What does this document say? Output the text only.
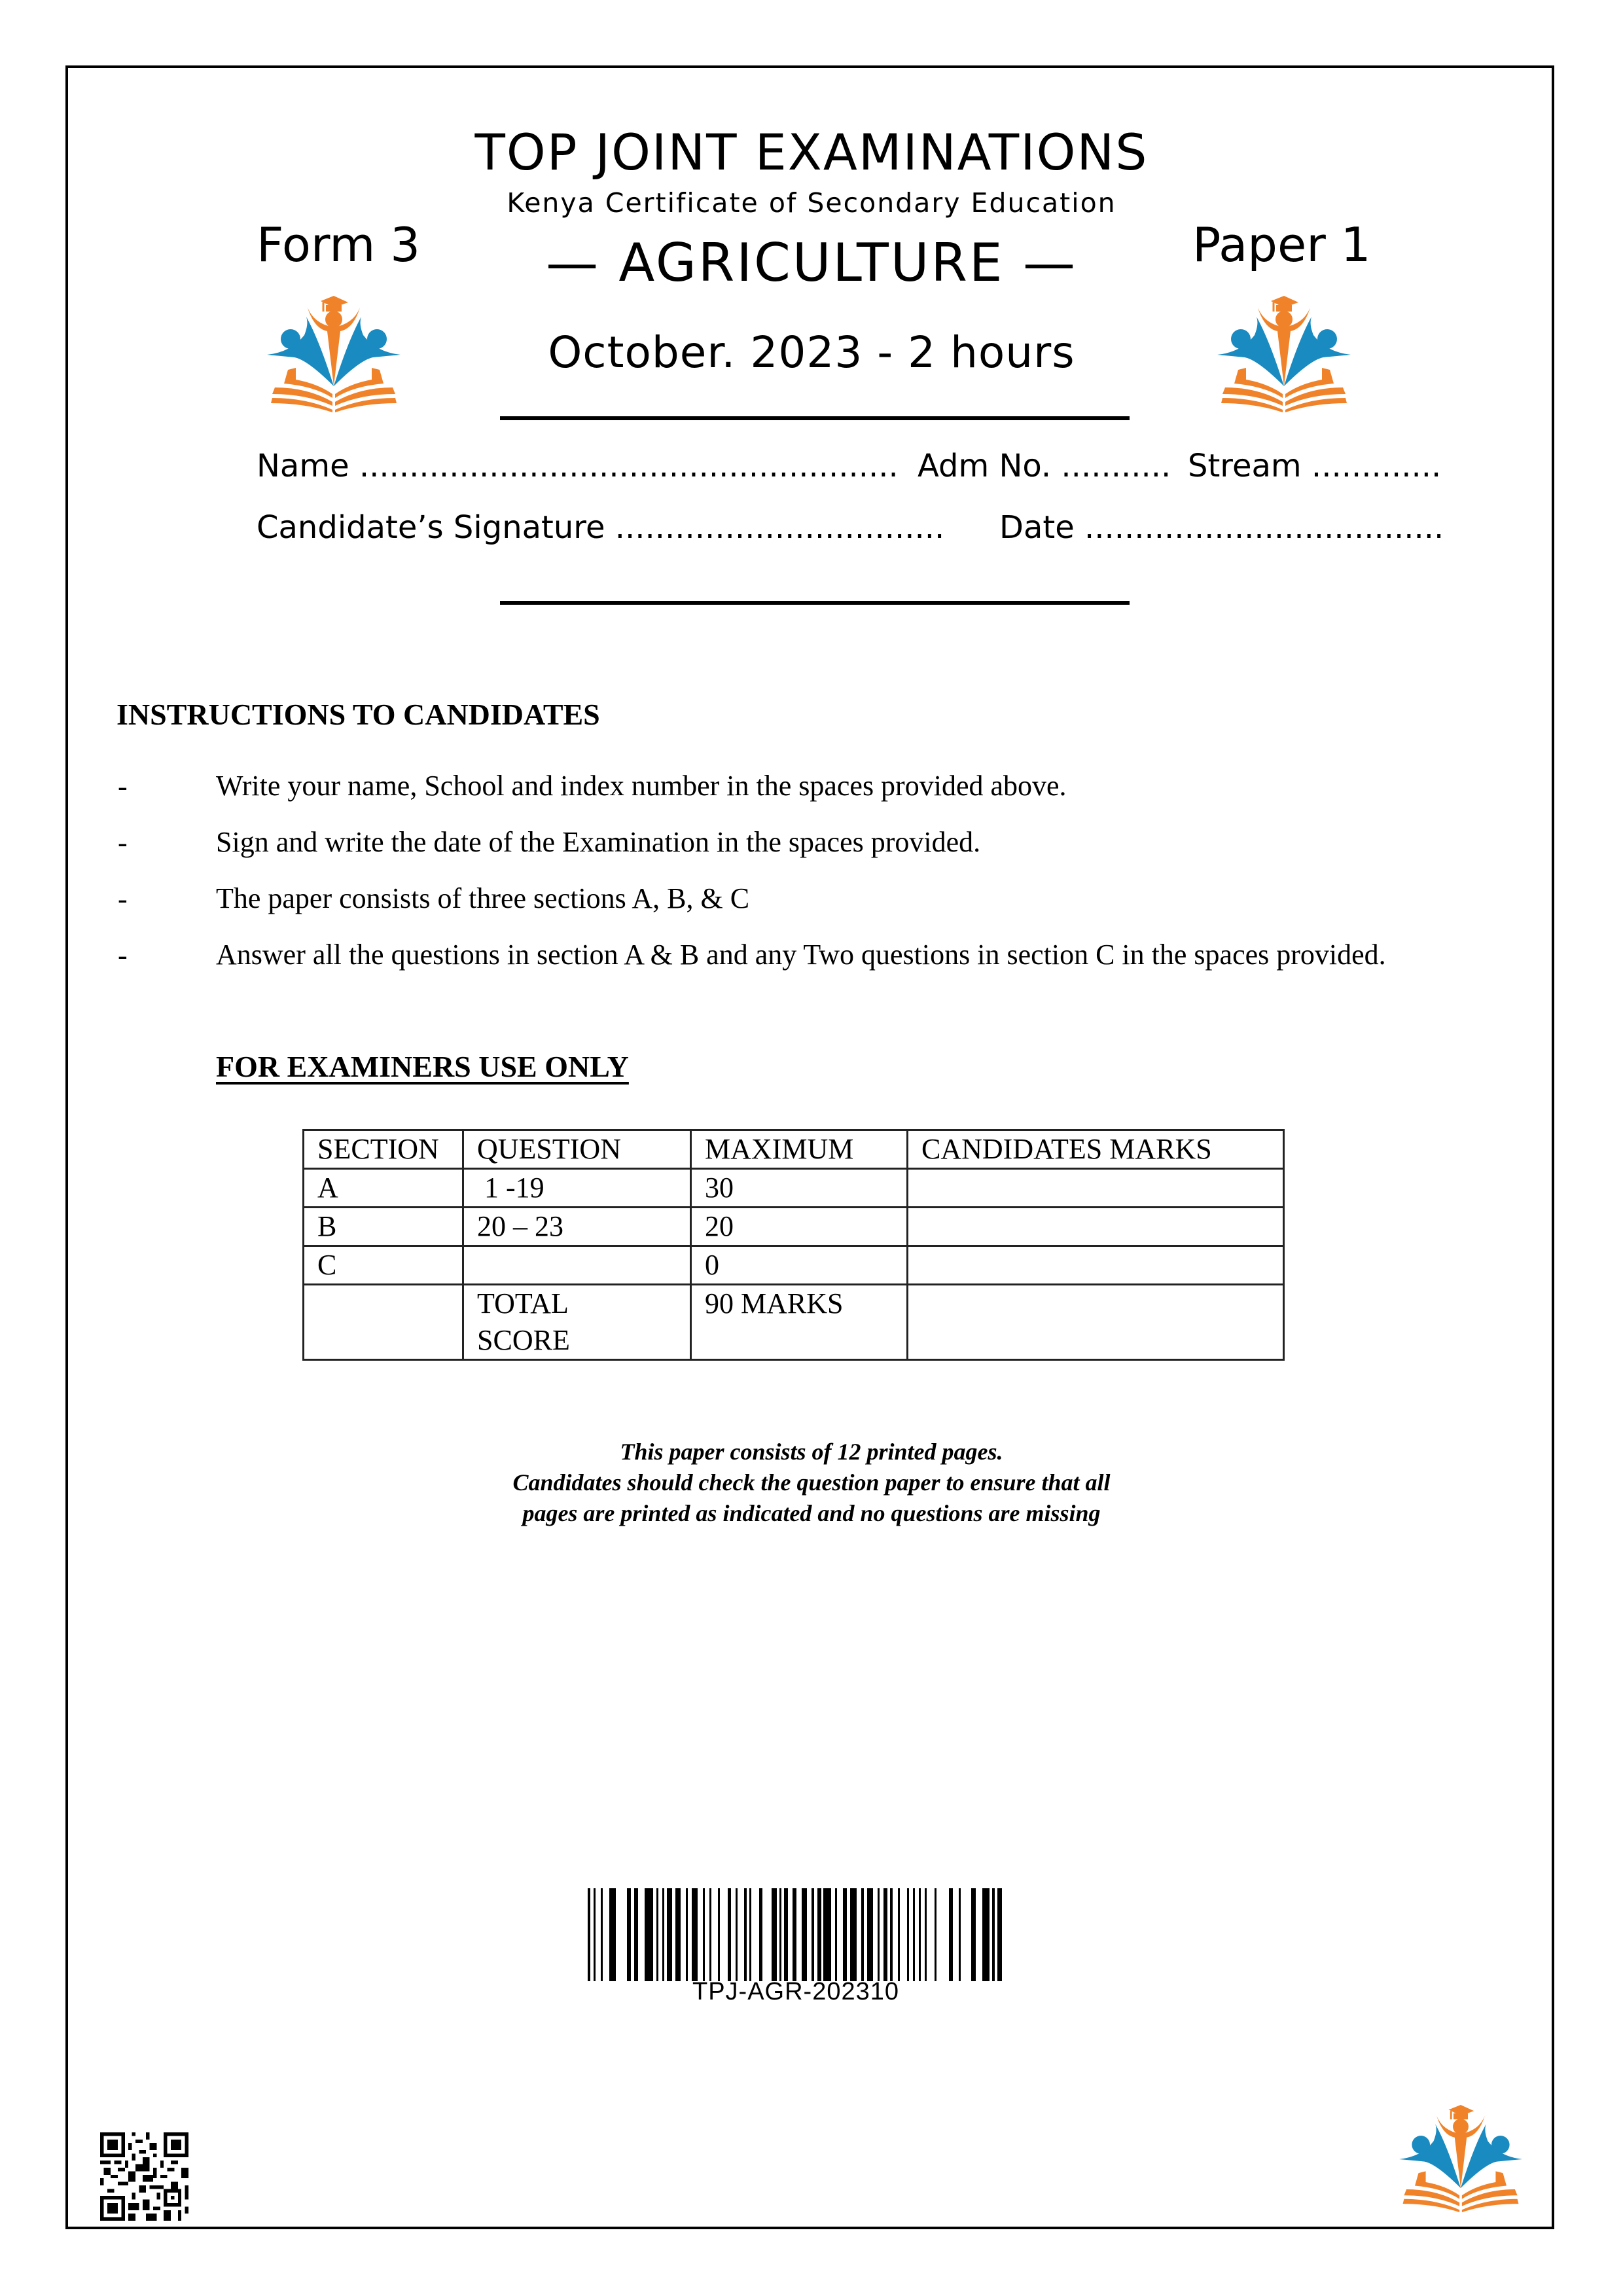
TOP JOINT EXAMINATIONS
Kenya Certificate of Secondary Education
Form 3	Paper 1
— AGRICULTURE —
October. 2023 - 2 hours
Name ...................................................... Adm No. ........... Stream .............
Candidate’s Signature ................................. Date ....................................
INSTRUCTIONS TO CANDIDATES
-	Write your name, School and index number in the spaces provided above.
-	Sign and write the date of the Examination in the spaces provided.
-	The paper consists of three sections A, B, & C
-	Answer all the questions in section A & B and any Two questions in section C in the spaces provided.
FOR EXAMINERS USE ONLY
SECTION	QUESTION	MAXIMUM	CANDIDATES MARKS
A	1 -19	30	
B	20 – 23	20	
C		0	
	TOTAL SCORE	90 MARKS	
This paper consists of 12 printed pages.
Candidates should check the question paper to ensure that all
pages are printed as indicated and no questions are missing
TPJ-AGR-202310
